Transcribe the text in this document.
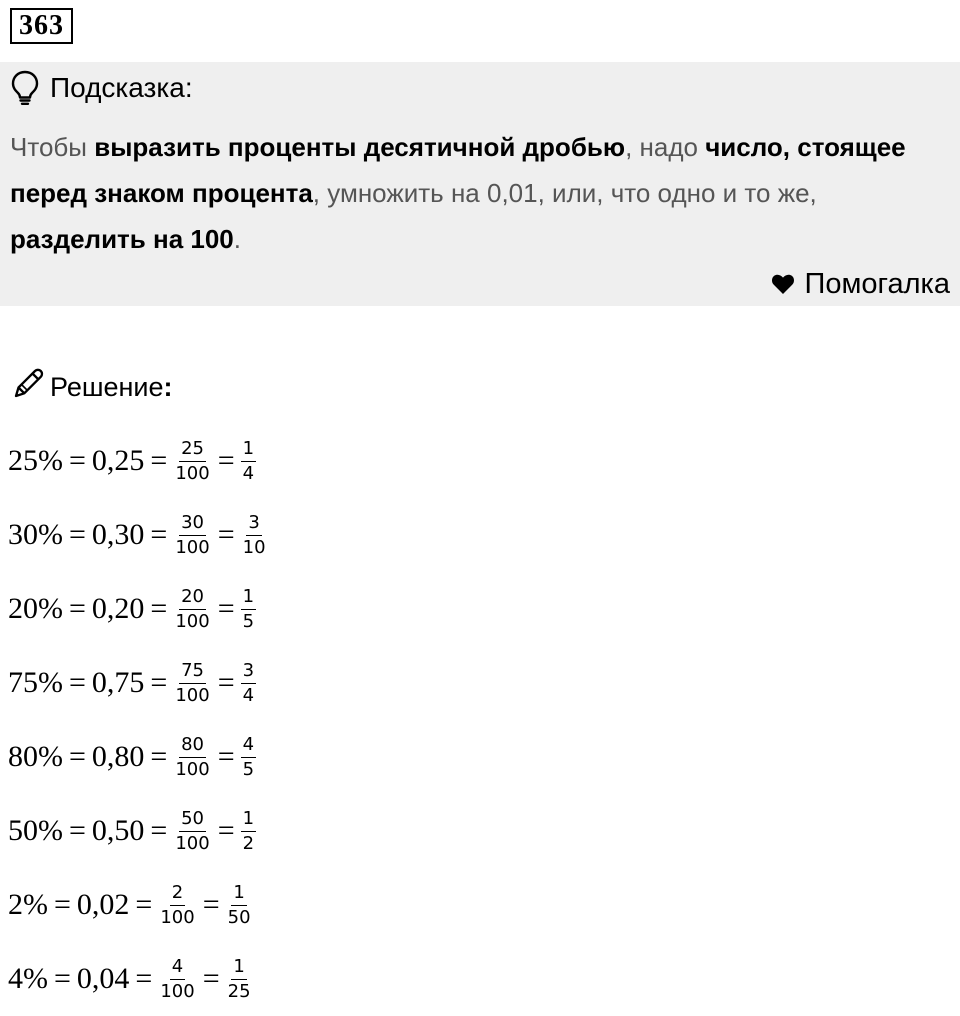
363
Подсказка:
Чтобы выразить проценты десятичной дробью, надо число, стоящее перед знаком процента, умножить на 0,01, или, что одно и то же, разделить на 100.
Помогалка
Решение:
$25\% = 0,25 = \frac{25}{100} = \frac{1}{4}$
$30\% = 0,30 = \frac{30}{100} = \frac{3}{10}$
$20\% = 0,20 = \frac{20}{100} = \frac{1}{5}$
$75\% = 0,75 = \frac{75}{100} = \frac{3}{4}$
$80\% = 0,80 = \frac{80}{100} = \frac{4}{5}$
$50\% = 0,50 = \frac{50}{100} = \frac{1}{2}$
$2\% = 0,02 = \frac{2}{100} = \frac{1}{50}$
$4\% = 0,04 = \frac{4}{100} = \frac{1}{25}$
